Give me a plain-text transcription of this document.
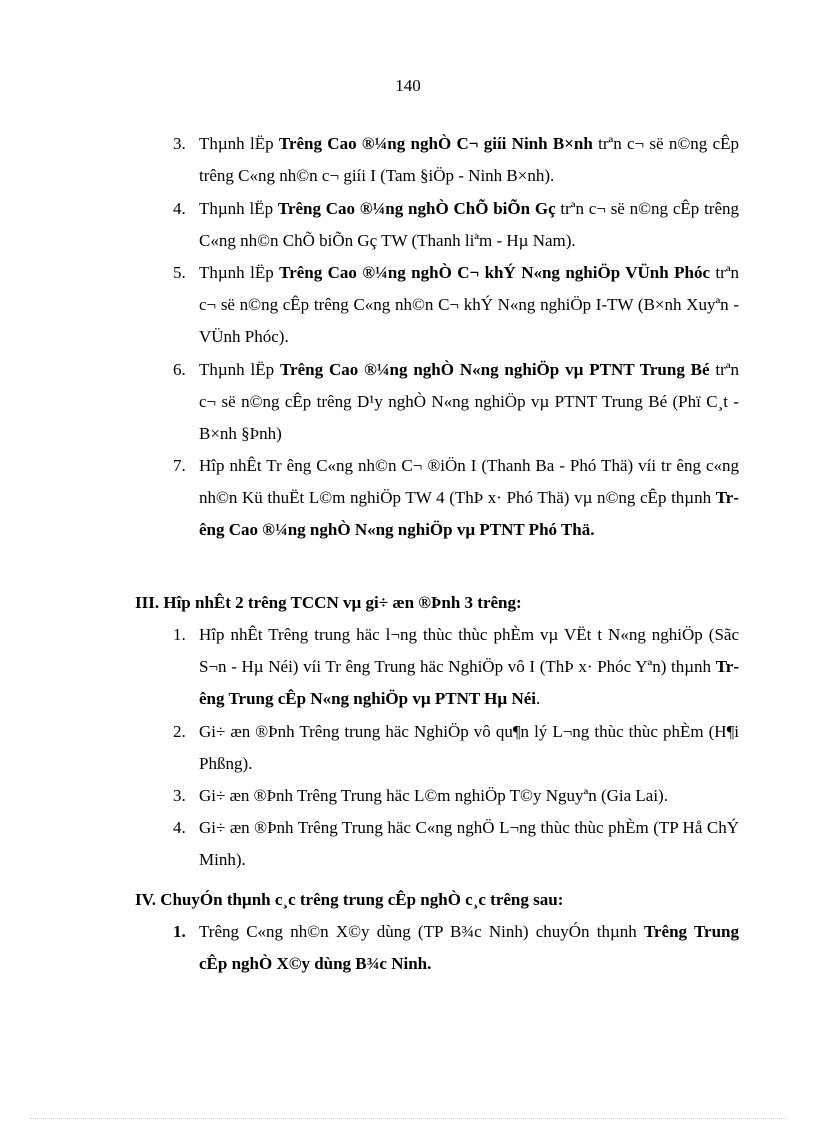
140
3. Thµnh lËp Trêng Cao ®¼ng nghÒ C¬ giíi Ninh B×nh trªn c¬ së n©ng cÊp trêng C«ng nh©n c¬ giíi I (Tam §iÖp - Ninh B×nh).
4. Thµnh lËp Trêng Cao ®¼ng nghÒ ChÕ biÕn Gç trªn c¬ së n©ng cÊp trêng C«ng nh©n ChÕ biÕn Gç TW (Thanh liªm - Hµ Nam).
5. Thµnh lËp Trêng Cao ®¼ng nghÒ C¬ khÝ N«ng nghiÖp VÜnh Phóc trªn c¬ së n©ng cÊp trêng C«ng nh©n C¬ khÝ N«ng nghiÖp I-TW (B×nh Xuyªn - VÜnh Phóc).
6. Thµnh lËp Trêng Cao ®¼ng nghÒ N«ng nghiÖp vµ PTNT Trung Bé trªn c¬ së n©ng cÊp trêng D¹y nghÒ N«ng nghiÖp vµ PTNT Trung Bé (Phï C¸t - B×nh §Þnh)
7. Hîp nhÊt Tr êng C«ng nh©n C¬ ®iÖn I (Thanh Ba - Phó Thä) víi tr êng c«ng nh©n Kü thuËt L©m nghiÖp TW 4 (ThÞ x· Phó Thä) vµ n©ng cÊp thµnh Tr êng Cao ®¼ng nghÒ N«ng nghiÖp vµ PTNT Phó Thä.
III. Hîp nhÊt 2 trêng TCCN vµ gi÷ æn ®Þnh 3 trêng:
1. Hîp nhÊt Trêng trung häc l¬ng thùc thùc phÈm vµ VËt t N«ng nghiÖp (Sãc S¬n - Hµ Néi) víi Tr êng Trung häc NghiÖp vô I (ThÞ x· Phóc Yªn) thµnh Tr êng Trung cÊp N«ng nghiÖp vµ PTNT Hµ Néi.
2. Gi÷ æn ®Þnh Trêng trung häc NghiÖp vô qu¶n lý L¬ng thùc thùc phÈm (H¶i Phßng).
3. Gi÷ æn ®Þnh Trêng Trung häc L©m nghiÖp T©y Nguyªn (Gia Lai).
4. Gi÷ æn ®Þnh Trêng Trung häc C«ng nghÖ L¬ng thùc thùc phÈm (TP Hå ChÝ Minh).
IV. ChuyÓn thµnh c¸c trêng trung cÊp nghÒ c¸c trêng sau:
1. Trêng C«ng nh©n X©y dùng (TP B¾c Ninh) chuyÓn thµnh Trêng Trung cÊp nghÒ X©y dùng B¾c Ninh.
